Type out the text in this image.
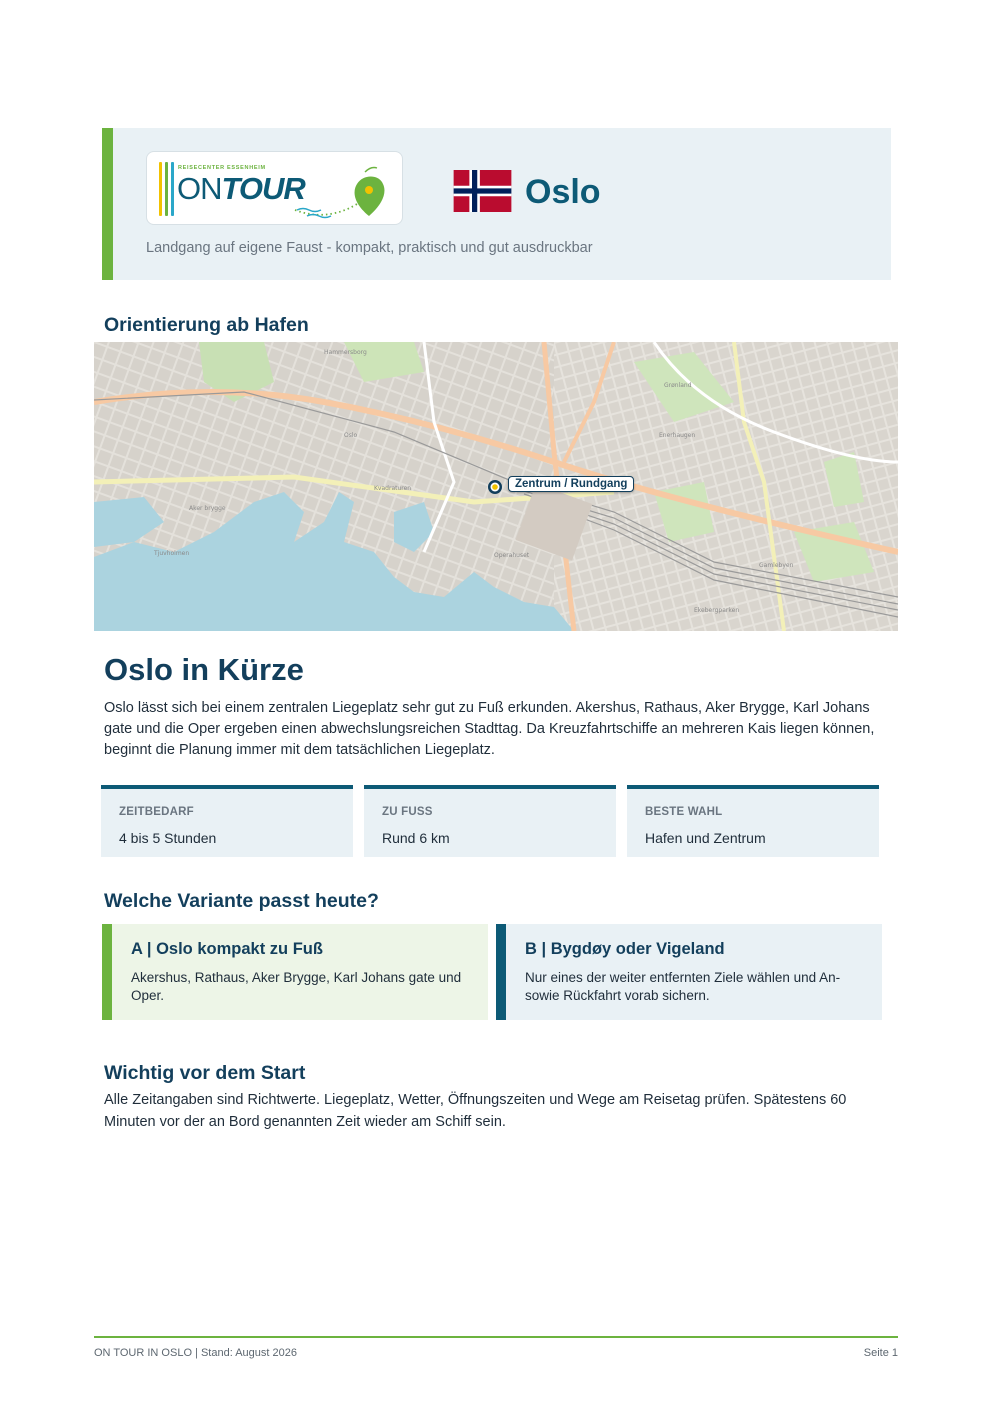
REISECENTER ESSENHEIM
ONTOUR	Oslo
Landgang auf eigene Faust - kompakt, praktisch und gut ausdruckbar
Orientierung ab Hafen
Hammersborg
Oslo
Aker brygge
Tjuvholmen
Enerhaugen
Grønland
Gamlebyen
Kvadraturen
Operahuset
Ekebergparken
Zentrum / Rundgang
Oslo in Kürze

Oslo lässt sich bei einem zentralen Liegeplatz sehr gut zu Fuß erkunden. Akershus, Rathaus, Aker Brygge, Karl Johans gate und die Oper ergeben einen abwechslungsreichen Stadttag. Da Kreuzfahrtschiffe an mehreren Kais liegen können, beginnt die Planung immer mit dem tatsächlichen Liegeplatz.

ZEITBEDARF
4 bis 5 Stunden
ZU FUSS
Rund 6 km
BESTE WAHL
Hafen und Zentrum
Welche Variante passt heute?
A | Oslo kompakt zu Fuß
Akershus, Rathaus, Aker Brygge, Karl Johans gate und Oper.
B | Bygdøy oder Vigeland
Nur eines der weiter entfernten Ziele wählen und An- sowie Rückfahrt vorab sichern.
Wichtig vor dem Start

Alle Zeitangaben sind Richtwerte. Liegeplatz, Wetter, Öffnungszeiten und Wege am Reisetag prüfen. Spätestens 60 Minuten vor der an Bord genannten Zeit wieder am Schiff sein.

ON TOUR IN OSLO | Stand: August 2026	Seite 1
